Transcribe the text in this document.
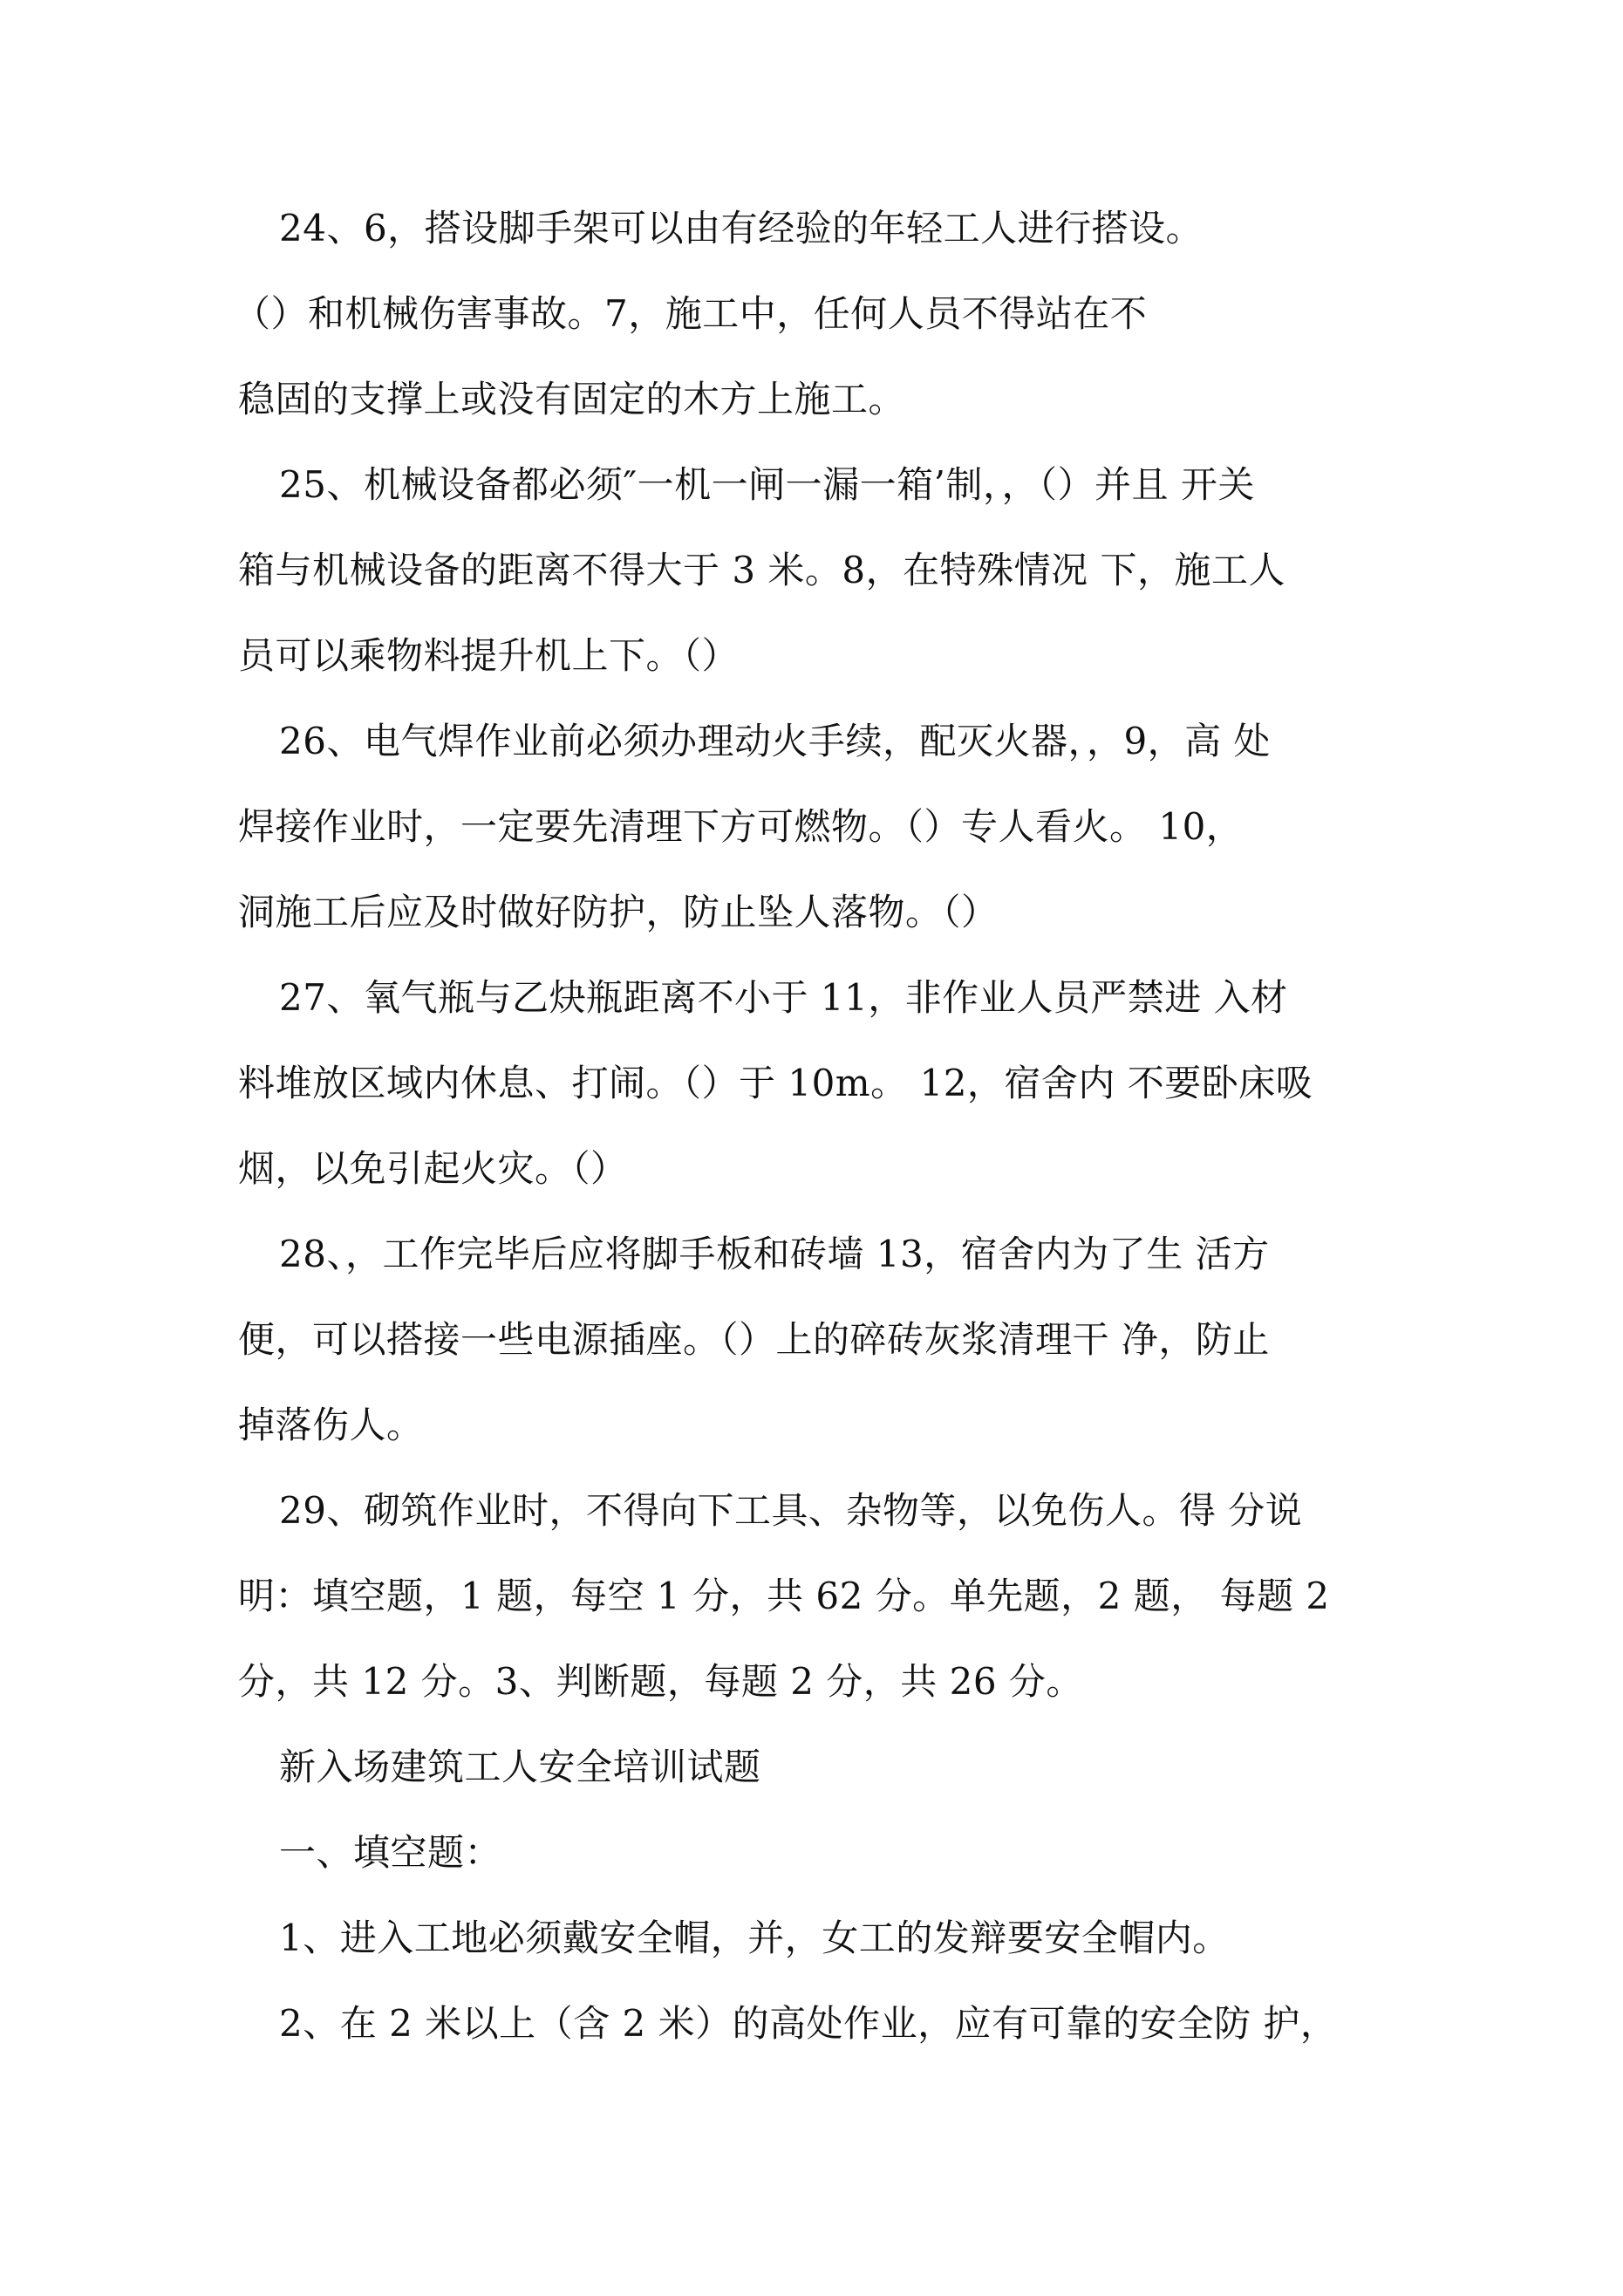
24、6，搭设脚手架可以由有经验的年轻工人进行搭设。
（）和机械伤害事故。7，施工中，任何人员不得站在不
稳固的支撑上或没有固定的木方上施工。
25、机械设备都必须″一机一闸一漏一箱’制，，（）并且 开关
箱与机械设备的距离不得大于 3 米。8，在特殊情况 下，施工人
员可以乘物料提升机上下。（）
26、电气焊作业前必须办理动火手续，配灭火器，，9，高 处
焊接作业时，一定要先清理下方可燃物。（）专人看火。 10，
洞施工后应及时做好防护，防止坠人落物。（）
27、氧气瓶与乙炔瓶距离不小于 11，非作业人员严禁进 入材
料堆放区域内休息、打闹。（）于 10m。 12，宿舍内 不要卧床吸
烟，以免引起火灾。（）
28、，工作完毕后应将脚手板和砖墙 13，宿舍内为了生 活方
便，可以搭接一些电源插座。（）上的碎砖灰浆清理干 净，防止
掉落伤人。
29、砌筑作业时，不得向下工具、杂物等，以免伤人。得 分说
明：填空题，1 题，每空 1 分，共 62 分。单先题，2 题， 每题 2
分，共 12 分。3、判断题，每题 2 分，共 26 分。
新入场建筑工人安全培训试题
一、填空题：
1、进入工地必须戴安全帽，并，女工的发辩要安全帽内。
2、在 2 米以上（含 2 米）的高处作业，应有可靠的安全防 护，
